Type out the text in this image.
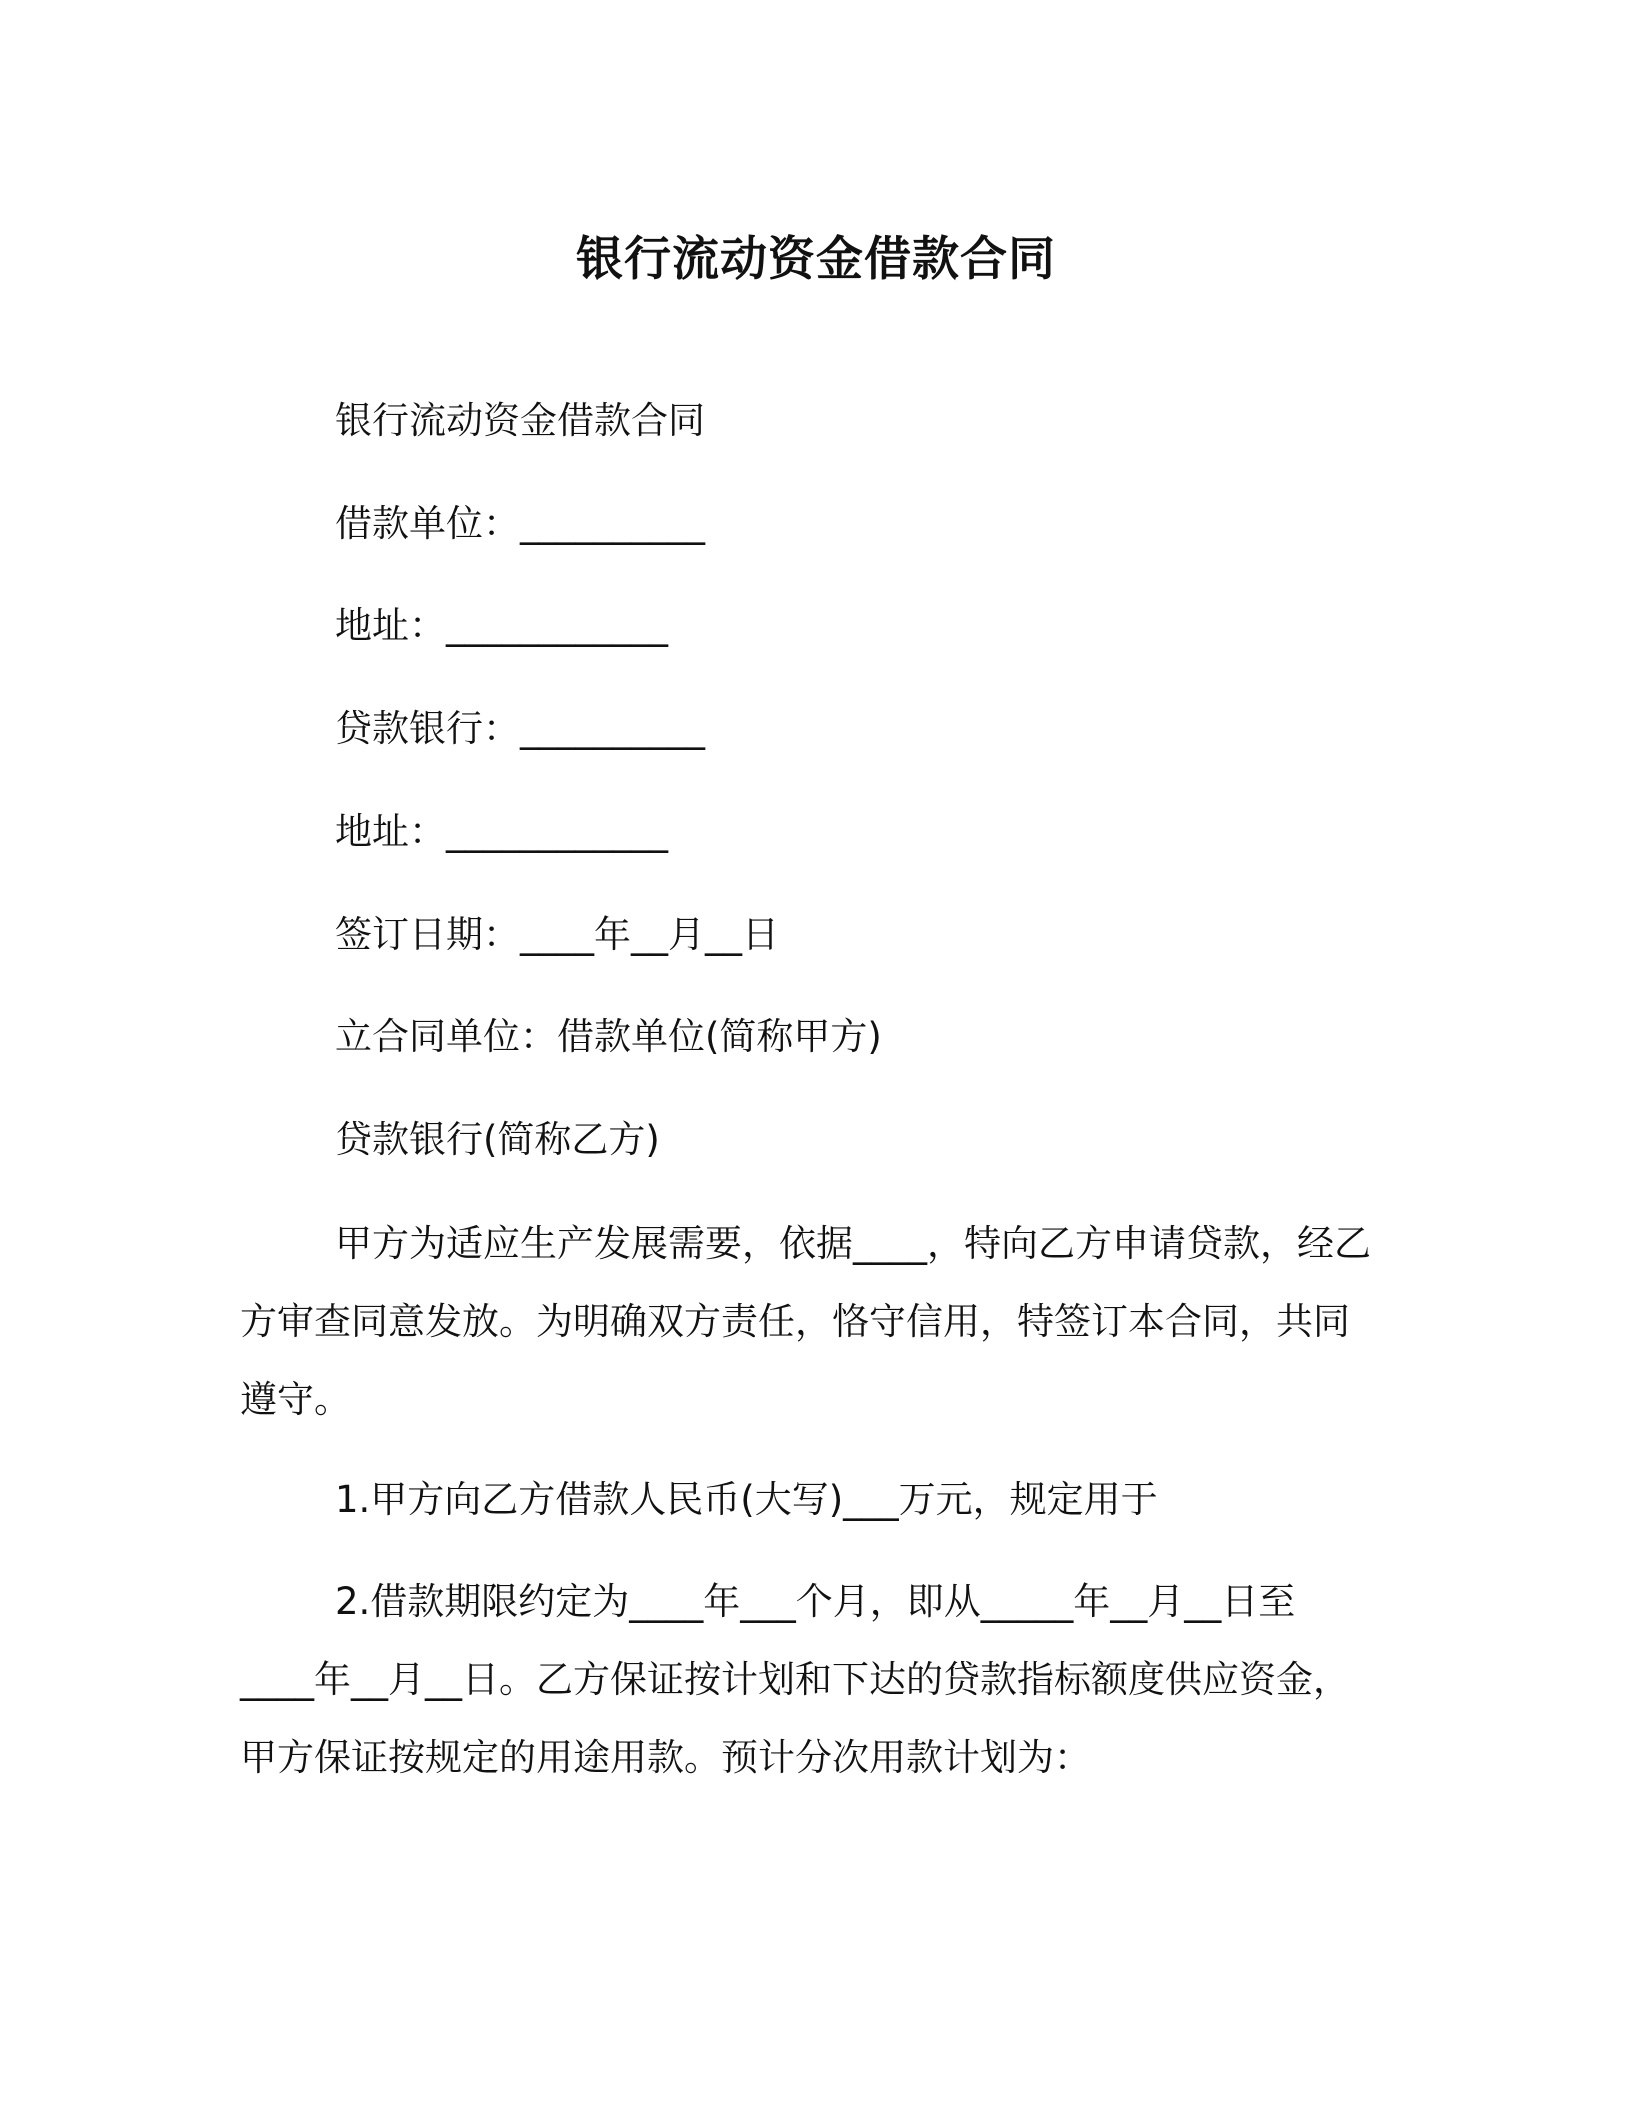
银行流动资金借款合同
银行流动资金借款合同
借款单位：__________
地址：____________
贷款银行：__________
地址：____________
签订日期：____年__月__日
立合同单位：借款单位(简称甲方)
贷款银行(简称乙方)
甲方为适应生产发展需要，依据____，特向乙方申请贷款，经乙
方审查同意发放。为明确双方责任，恪守信用，特签订本合同，共同
遵守。
1.甲方向乙方借款人民币(大写)___万元，规定用于
2.借款期限约定为____年___个月，即从_____年__月__日至
____年__月__日。乙方保证按计划和下达的贷款指标额度供应资金，
甲方保证按规定的用途用款。预计分次用款计划为：
